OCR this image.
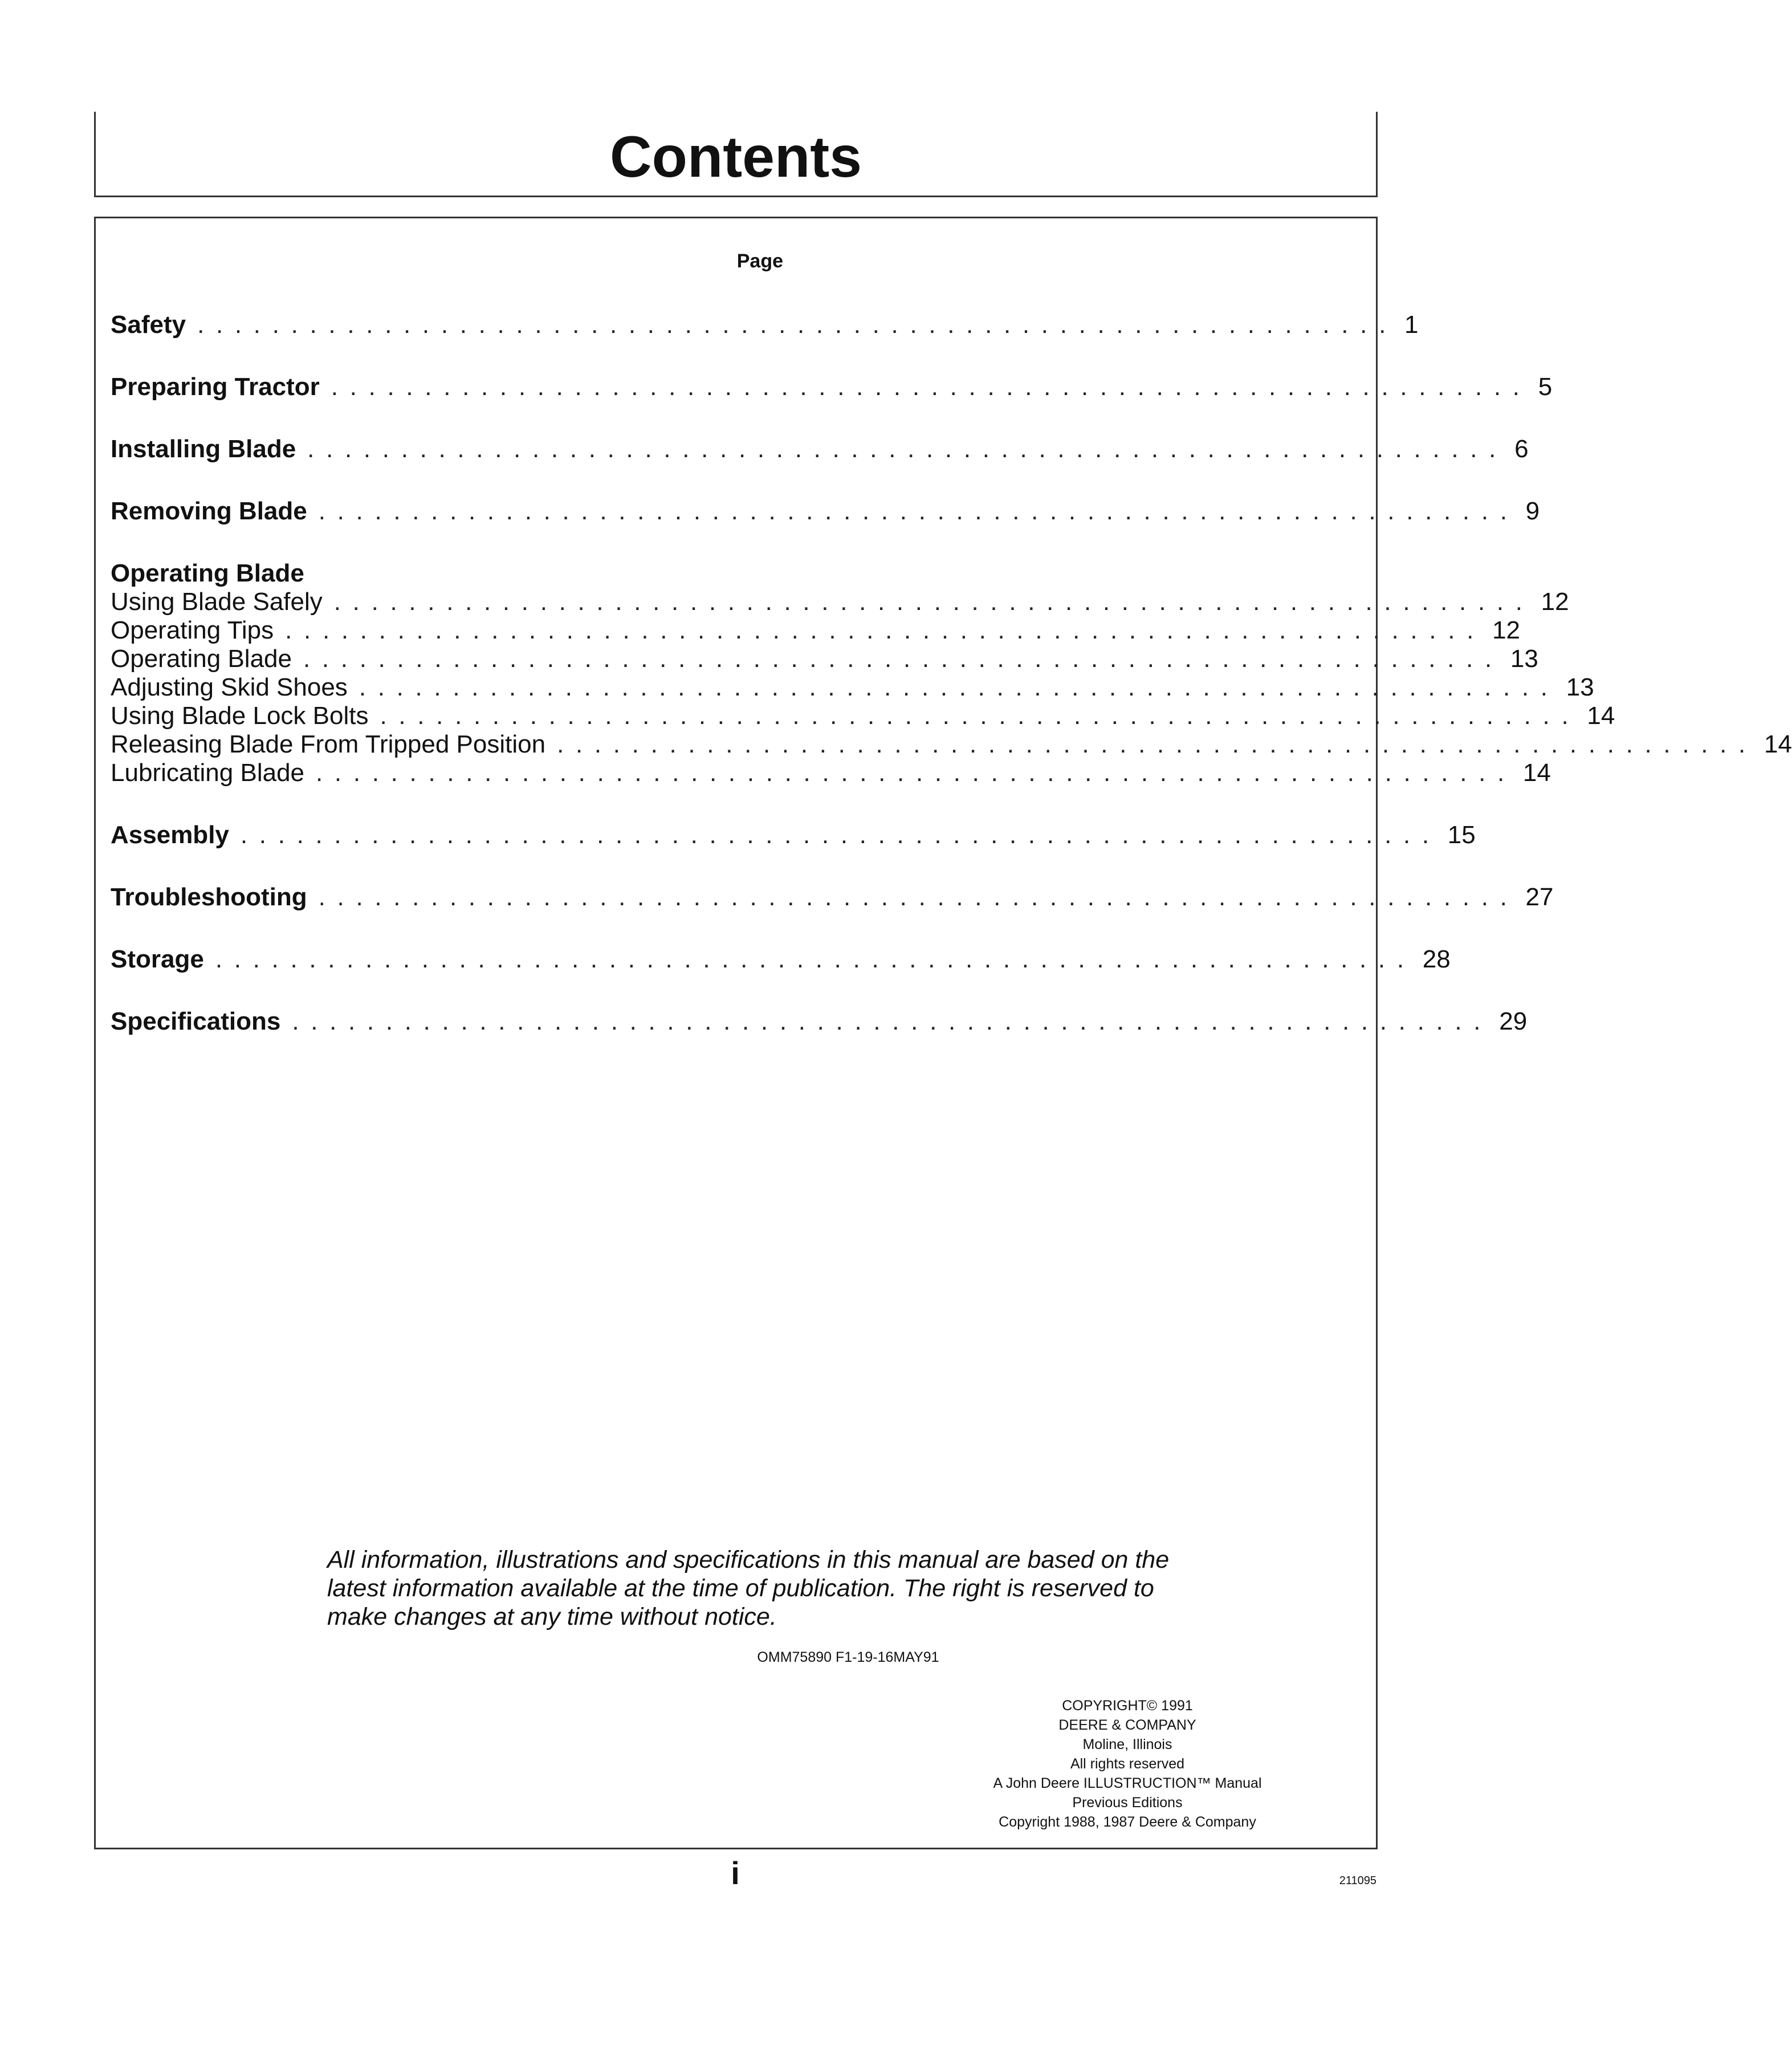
Contents
Page
Safety ................................................................ 1
Preparing Tractor ................................................................ 5
Installing Blade ................................................................ 6
Removing Blade ................................................................ 9
Operating Blade
Using Blade Safely ................................................................ 12
Operating Tips ................................................................ 12
Operating Blade ................................................................ 13
Adjusting Skid Shoes ................................................................ 13
Using Blade Lock Bolts ................................................................ 14
Releasing Blade From Tripped Position ................................................................ 14
Lubricating Blade ................................................................ 14
Assembly ................................................................ 15
Troubleshooting ................................................................ 27
Storage ................................................................ 28
Specifications ................................................................ 29

All information, illustrations and specifications in this manual are based on the latest information available at the time of publication. The right is reserved to make changes at any time without notice.

OMM75890 F1-19-16MAY91

COPYRIGHT© 1991
DEERE & COMPANY
Moline, Illinois
All rights reserved
A John Deere ILLUSTRUCTION™ Manual
Previous Editions
Copyright 1988, 1987 Deere & Company
i	211095
